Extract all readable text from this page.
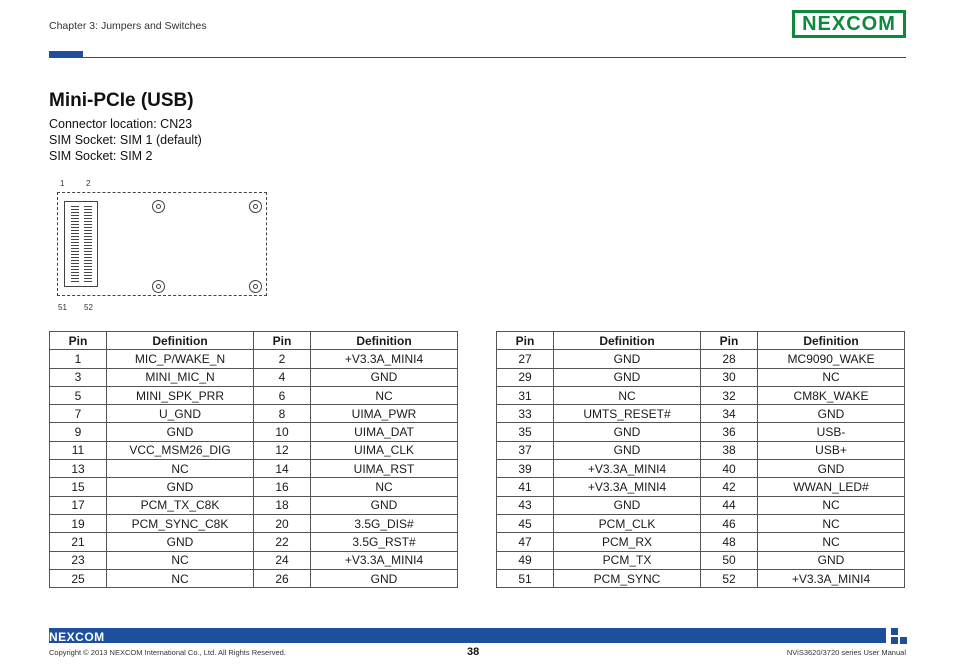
Chapter 3: Jumpers and Switches	NEXCOM
Mini-PCIe (USB)
Connector location: CN23
SIM Socket: SIM 1 (default)
SIM Socket: SIM 2
1	2
51 52
Pin	Definition	Pin	Definition
1	MIC_P/WAKE_N	2	+V3.3A_MINI4
3	MINI_MIC_N	4	GND
5	MINI_SPK_PRR	6	NC
7	U_GND	8	UIMA_PWR
9	GND	10	UIMA_DAT
11	VCC_MSM26_DIG	12	UIMA_CLK
13	NC	14	UIMA_RST
15	GND	16	NC
17	PCM_TX_C8K	18	GND
19	PCM_SYNC_C8K	20	3.5G_DIS#
21	GND	22	3.5G_RST#
23	NC	24	+V3.3A_MINI4
25	NC	26	GND
Pin	Definition	Pin	Definition
27	GND	28	MC9090_WAKE
29	GND	30	NC
31	NC	32	CM8K_WAKE
33	UMTS_RESET#	34	GND
35	GND	36	USB-
37	GND	38	USB+
39	+V3.3A_MINI4	40	GND
41	+V3.3A_MINI4	42	WWAN_LED#
43	GND	44	NC
45	PCM_CLK	46	NC
47	PCM_RX	48	NC
49	PCM_TX	50	GND
51	PCM_SYNC	52	+V3.3A_MINI4
NEXCOM
Copyright © 2013 NEXCOM International Co., Ltd. All Rights Reserved.	38	NViS3620/3720 series User Manual
